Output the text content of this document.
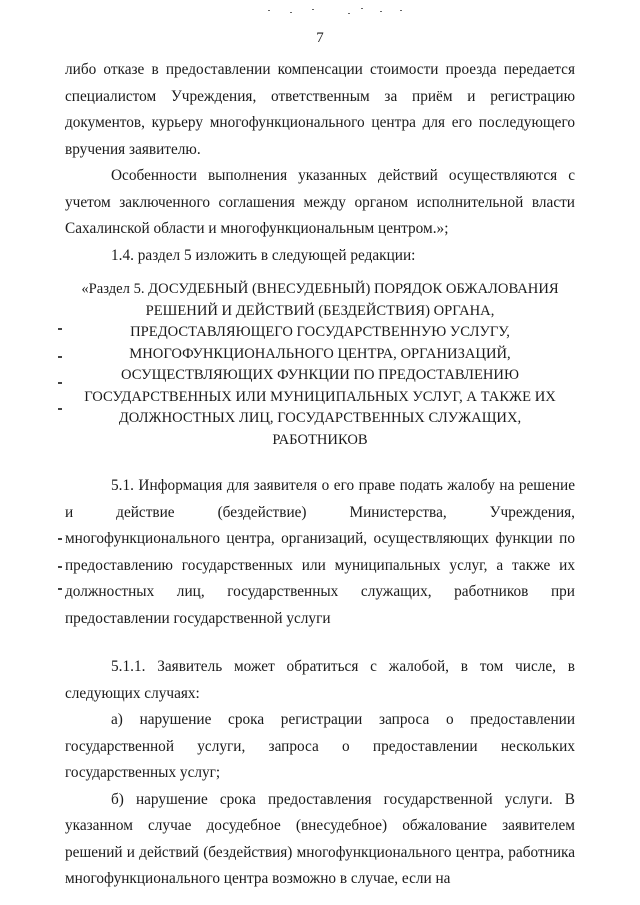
7

либо отказе в предоставлении компенсации стоимости проезда передается специалистом Учреждения, ответственным за приём и регистрацию документов, курьеру многофункционального центра для его последующего вручения заявителю.

Особенности выполнения указанных действий осуществляются с учетом заключенного соглашения между органом исполнительной власти Сахалинской области и многофункциональным центром.»;

1.4. раздел 5 изложить в следующей редакции:

«Раздел 5. ДОСУДЕБНЫЙ (ВНЕСУДЕБНЫЙ) ПОРЯДОК ОБЖАЛОВАНИЯ
РЕШЕНИЙ И ДЕЙСТВИЙ (БЕЗДЕЙСТВИЯ) ОРГАНА,
ПРЕДОСТАВЛЯЮЩЕГО ГОСУДАРСТВЕННУЮ УСЛУГУ,
МНОГОФУНКЦИОНАЛЬНОГО ЦЕНТРА, ОРГАНИЗАЦИЙ,
ОСУЩЕСТВЛЯЮЩИХ ФУНКЦИИ ПО ПРЕДОСТАВЛЕНИЮ
ГОСУДАРСТВЕННЫХ ИЛИ МУНИЦИПАЛЬНЫХ УСЛУГ, А ТАКЖЕ ИХ
ДОЛЖНОСТНЫХ ЛИЦ, ГОСУДАРСТВЕННЫХ СЛУЖАЩИХ,
РАБОТНИКОВ

5.1. Информация для заявителя о его праве подать жалобу на решение и действие (бездействие) Министерства, Учреждения, многофункционального центра, организаций, осуществляющих функции по предоставлению государственных или муниципальных услуг, а также их должностных лиц, государственных служащих, работников при предоставлении государственной услуги

5.1.1. Заявитель может обратиться с жалобой, в том числе, в следующих случаях:

а) нарушение срока регистрации запроса о предоставлении государственной услуги, запроса о предоставлении нескольких государственных услуг;

б) нарушение срока предоставления государственной услуги. В указанном случае досудебное (внесудебное) обжалование заявителем решений и действий (бездействия) многофункционального центра, работника многофункционального центра возможно в случае, если на
